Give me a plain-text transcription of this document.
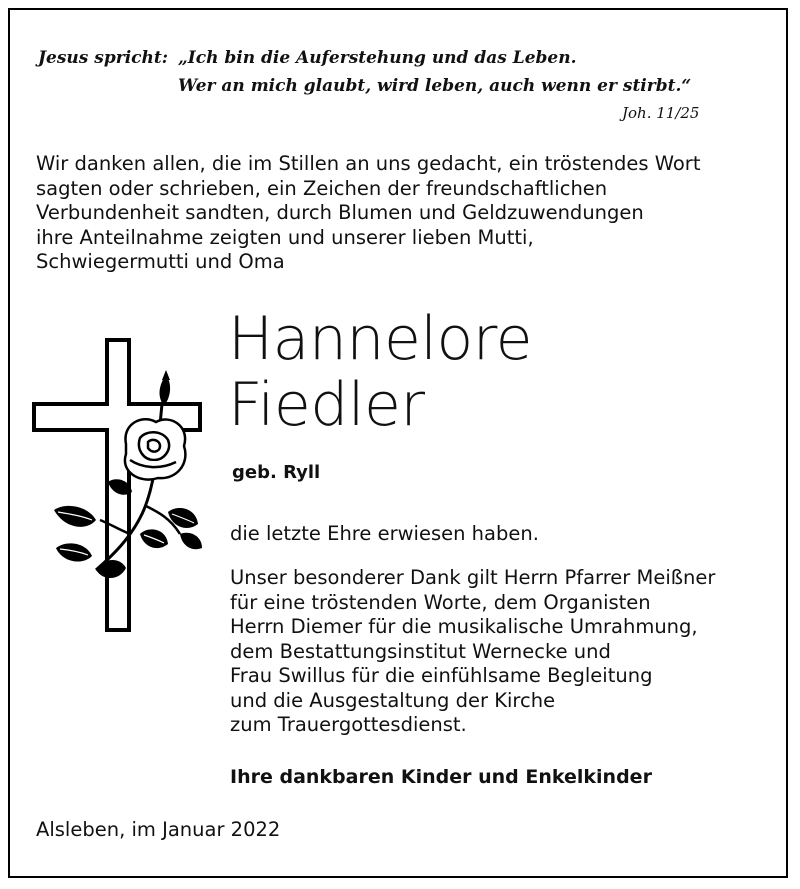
Jesus spricht: „Ich bin die Auferstehung und das Leben.
Wer an mich glaubt, wird leben, auch wenn er stirbt.“
Joh. 11/25
Wir danken allen, die im Stillen an uns gedacht, ein tröstendes Wort
sagten oder schrieben, ein Zeichen der freundschaftlichen
Verbundenheit sandten, durch Blumen und Geldzuwendungen
ihre Anteilnahme zeigten und unserer lieben Mutti,
Schwiegermutti und Oma
Hannelore
Fiedler
geb. Ryll
die letzte Ehre erwiesen haben.
Unser besonderer Dank gilt Herrn Pfarrer Meißner
für eine tröstenden Worte, dem Organisten
Herrn Diemer für die musikalische Umrahmung,
dem Bestattungsinstitut Wernecke und
Frau Swillus für die einfühlsame Begleitung
und die Ausgestaltung der Kirche
zum Trauergottesdienst.
Ihre dankbaren Kinder und Enkelkinder
Alsleben, im Januar 2022
